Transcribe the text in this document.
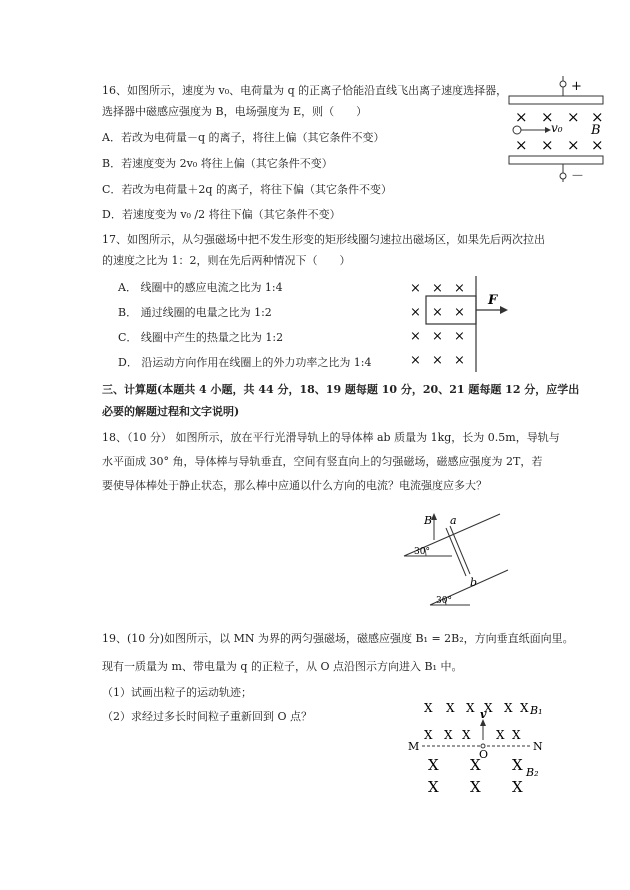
16、如图所示，速度为 v₀、电荷量为 q 的正离子恰能沿直线飞出离子速度选择器，
选择器中磁感应强度为 B，电场强度为 E，则（　　）
A．若改为电荷量－q 的离子，将往上偏（其它条件不变）
B．若速度变为 2v₀ 将往上偏（其它条件不变）
C．若改为电荷量＋2q 的离子，将往下偏（其它条件不变）
D．若速度变为 v₀ /2 将往下偏（其它条件不变）
+
× × × ×
v₀ B
× × × ×
－
17、如图所示，从匀强磁场中把不发生形变的矩形线圈匀速拉出磁场区，如果先后两次拉出
的速度之比为 1：2，则在先后两种情况下（　　）
A． 线圈中的感应电流之比为 1:4
B． 通过线圈的电量之比为 1:2
C． 线圈中产生的热量之比为 1:2
D． 沿运动方向作用在线圈上的外力功率之比为 1:4
× × ×
× × ×
× × ×
× × ×
F
三、计算题(本题共 4 小题，共 44 分，18、19 题每题 10 分，20、21 题每题 12 分，应学出
必要的解题过程和文字说明)
18、（10 分） 如图所示，放在平行光滑导轨上的导体棒 ab 质量为 1kg，长为 0.5m，导轨与
水平面成 30° 角，导体棒与导轨垂直，空间有竖直向上的匀强磁场，磁感应强度为 2T，若
要使导体棒处于静止状态，那么棒中应通以什么方向的电流？电流强度应多大？
30°
30°
B a
b
19、(10 分)如图所示，以 MN 为界的两匀强磁场，磁感应强度 B₁ = 2B₂，方向垂直纸面向里。
现有一质量为 m、带电量为 q 的正粒子，从 O 点沿图示方向进入 B₁ 中。
（1）试画出粒子的运动轨迹；
（2）求经过多长时间粒子重新回到 O 点？
X X X X X X B₁
X X X X X
v
M
O
N
X X X B₂
X X X
